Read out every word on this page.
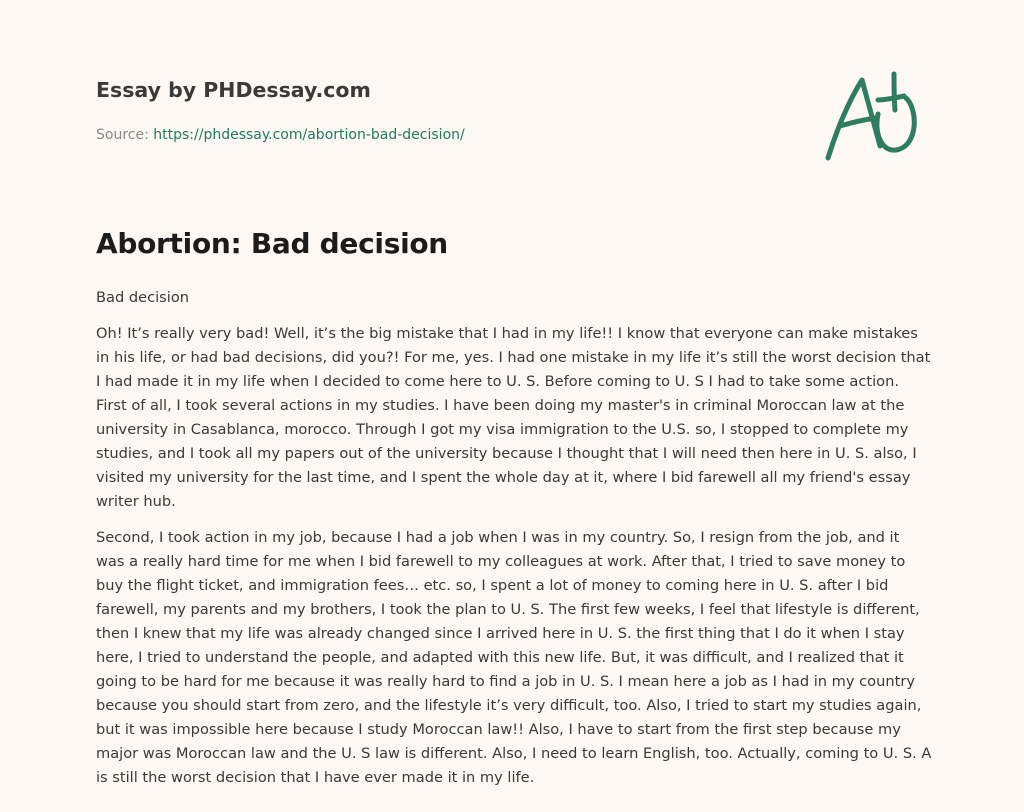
Essay by PHDessay.com
Source: https://phdessay.com/abortion-bad-decision/
Abortion: Bad decision

Bad decision

Oh! It’s really very bad! Well, it’s the big mistake that I had in my life!! I know that everyone can make mistakes in his life, or had bad decisions, did you?! For me, yes. I had one mistake in my life it’s still the worst decision that I had made it in my life when I decided to come here to U. S. Before coming to U. S I had to take some action. First of all, I took several actions in my studies. I have been doing my master's in criminal Moroccan law at the university in Casablanca, morocco. Through I got my visa immigration to the U.S. so, I stopped to complete my studies, and I took all my papers out of the university because I thought that I will need then here in U. S. also, I visited my university for the last time, and I spent the whole day at it, where I bid farewell all my friend's essay writer hub.

Second, I took action in my job, because I had a job when I was in my country. So, I resign from the job, and it was a really hard time for me when I bid farewell to my colleagues at work. After that, I tried to save money to buy the flight ticket, and immigration fees… etc. so, I spent a lot of money to coming here in U. S. after I bid farewell, my parents and my brothers, I took the plan to U. S. The first few weeks, I feel that lifestyle is different, then I knew that my life was already changed since I arrived here in U. S. the first thing that I do it when I stay here, I tried to understand the people, and adapted with this new life. But, it was difficult, and I realized that it going to be hard for me because it was really hard to find a job in U. S. I mean here a job as I had in my country because you should start from zero, and the lifestyle it’s very difficult, too. Also, I tried to start my studies again, but it was impossible here because I study Moroccan law!! Also, I have to start from the first step because my major was Moroccan law and the U. S law is different. Also, I need to learn English, too. Actually, coming to U. S. A is still the worst decision that I have ever made it in my life.
